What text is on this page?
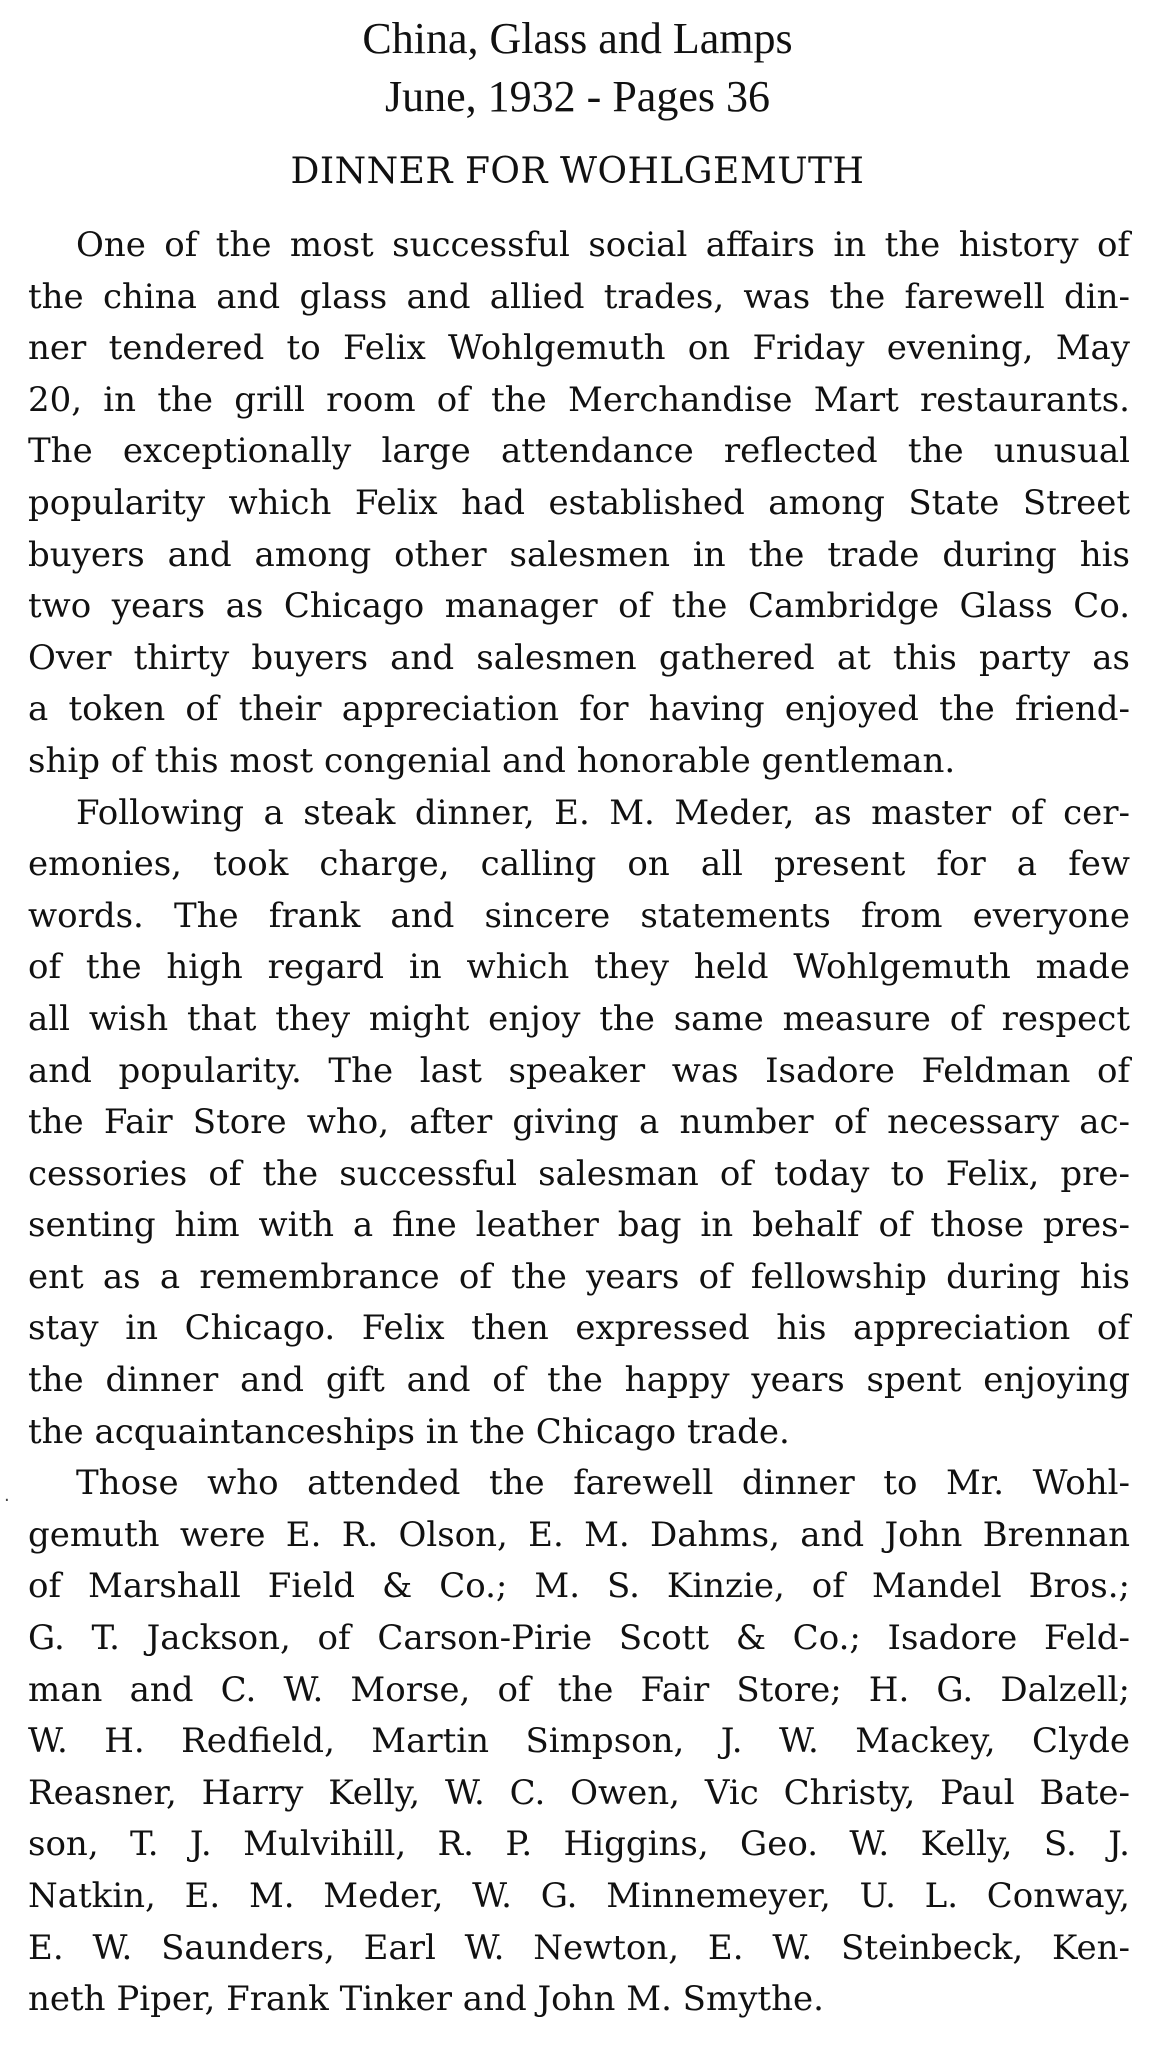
China, Glass and Lamps
June, 1932 - Pages 36
DINNER FOR WOHLGEMUTH

One of the most successful social affairs in the history of
the china and glass and allied trades, was the farewell din-
ner tendered to Felix Wohlgemuth on Friday evening, May
20, in the grill room of the Merchandise Mart restaurants.
The exceptionally large attendance reflected the unusual
popularity which Felix had established among State Street
buyers and among other salesmen in the trade during his
two years as Chicago manager of the Cambridge Glass Co.
Over thirty buyers and salesmen gathered at this party as
a token of their appreciation for having enjoyed the friend-
ship of this most congenial and honorable gentleman.

Following a steak dinner, E. M. Meder, as master of cer-
emonies, took charge, calling on all present for a few
words. The frank and sincere statements from everyone
of the high regard in which they held Wohlgemuth made
all wish that they might enjoy the same measure of respect
and popularity. The last speaker was Isadore Feldman of
the Fair Store who, after giving a number of necessary ac-
cessories of the successful salesman of today to Felix, pre-
senting him with a fine leather bag in behalf of those pres-
ent as a remembrance of the years of fellowship during his
stay in Chicago. Felix then expressed his appreciation of
the dinner and gift and of the happy years spent enjoying
the acquaintanceships in the Chicago trade.

Those who attended the farewell dinner to Mr. Wohl-
gemuth were E. R. Olson, E. M. Dahms, and John Brennan
of Marshall Field & Co.; M. S. Kinzie, of Mandel Bros.;
G. T. Jackson, of Carson-Pirie Scott & Co.; Isadore Feld-
man and C. W. Morse, of the Fair Store; H. G. Dalzell;
W. H. Redfield, Martin Simpson, J. W. Mackey, Clyde
Reasner, Harry Kelly, W. C. Owen, Vic Christy, Paul Bate-
son, T. J. Mulvihill, R. P. Higgins, Geo. W. Kelly, S. J.
Natkin, E. M. Meder, W. G. Minnemeyer, U. L. Conway,
E. W. Saunders, Earl W. Newton, E. W. Steinbeck, Ken-
neth Piper, Frank Tinker and John M. Smythe.

·
